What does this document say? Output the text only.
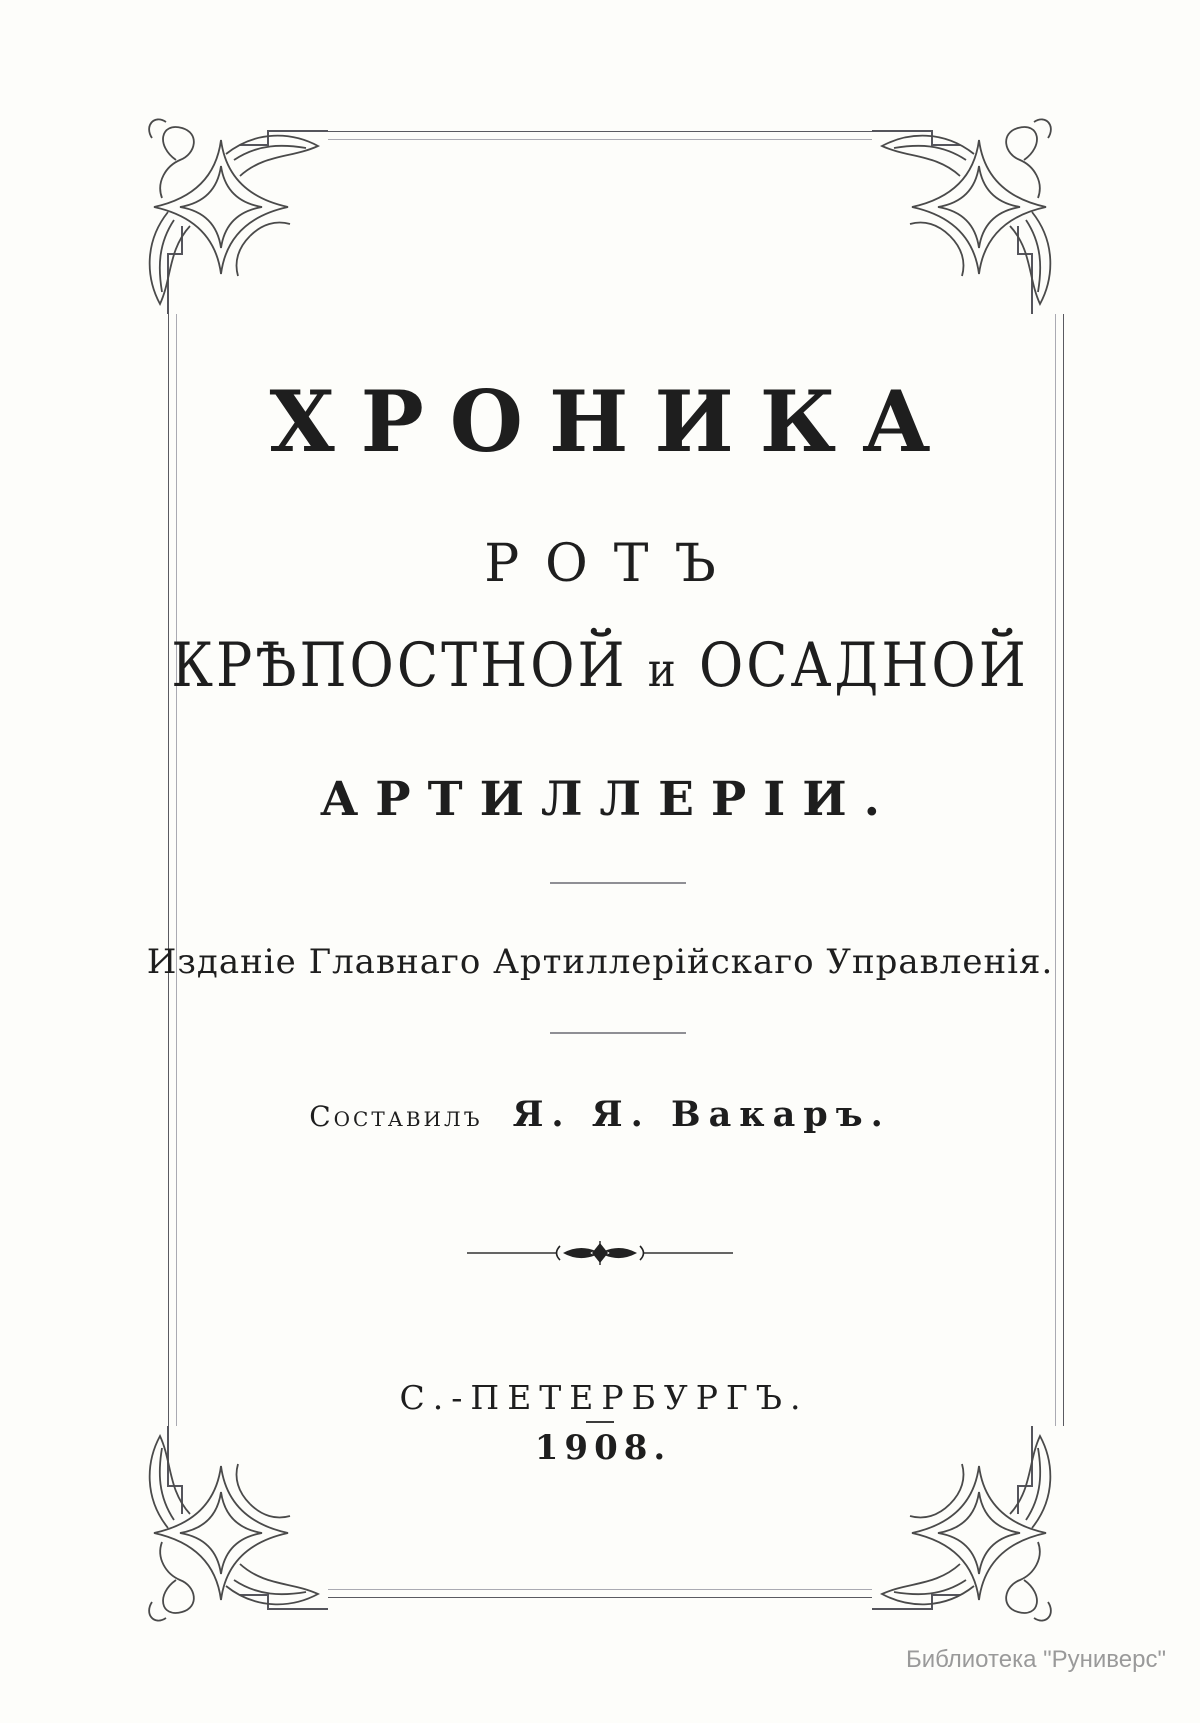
ХРОНИКА
РОТЪ
КРѢПОСТНОЙ и ОСАДНОЙ
АРТИЛЛЕРІИ.
Изданіе Главнаго Артиллерійскаго Управленія.
Составилъ Я. Я. Вакаръ.
С.-ПЕТЕРБУРГЪ.
1908.
Библиотека "Руниверс"
